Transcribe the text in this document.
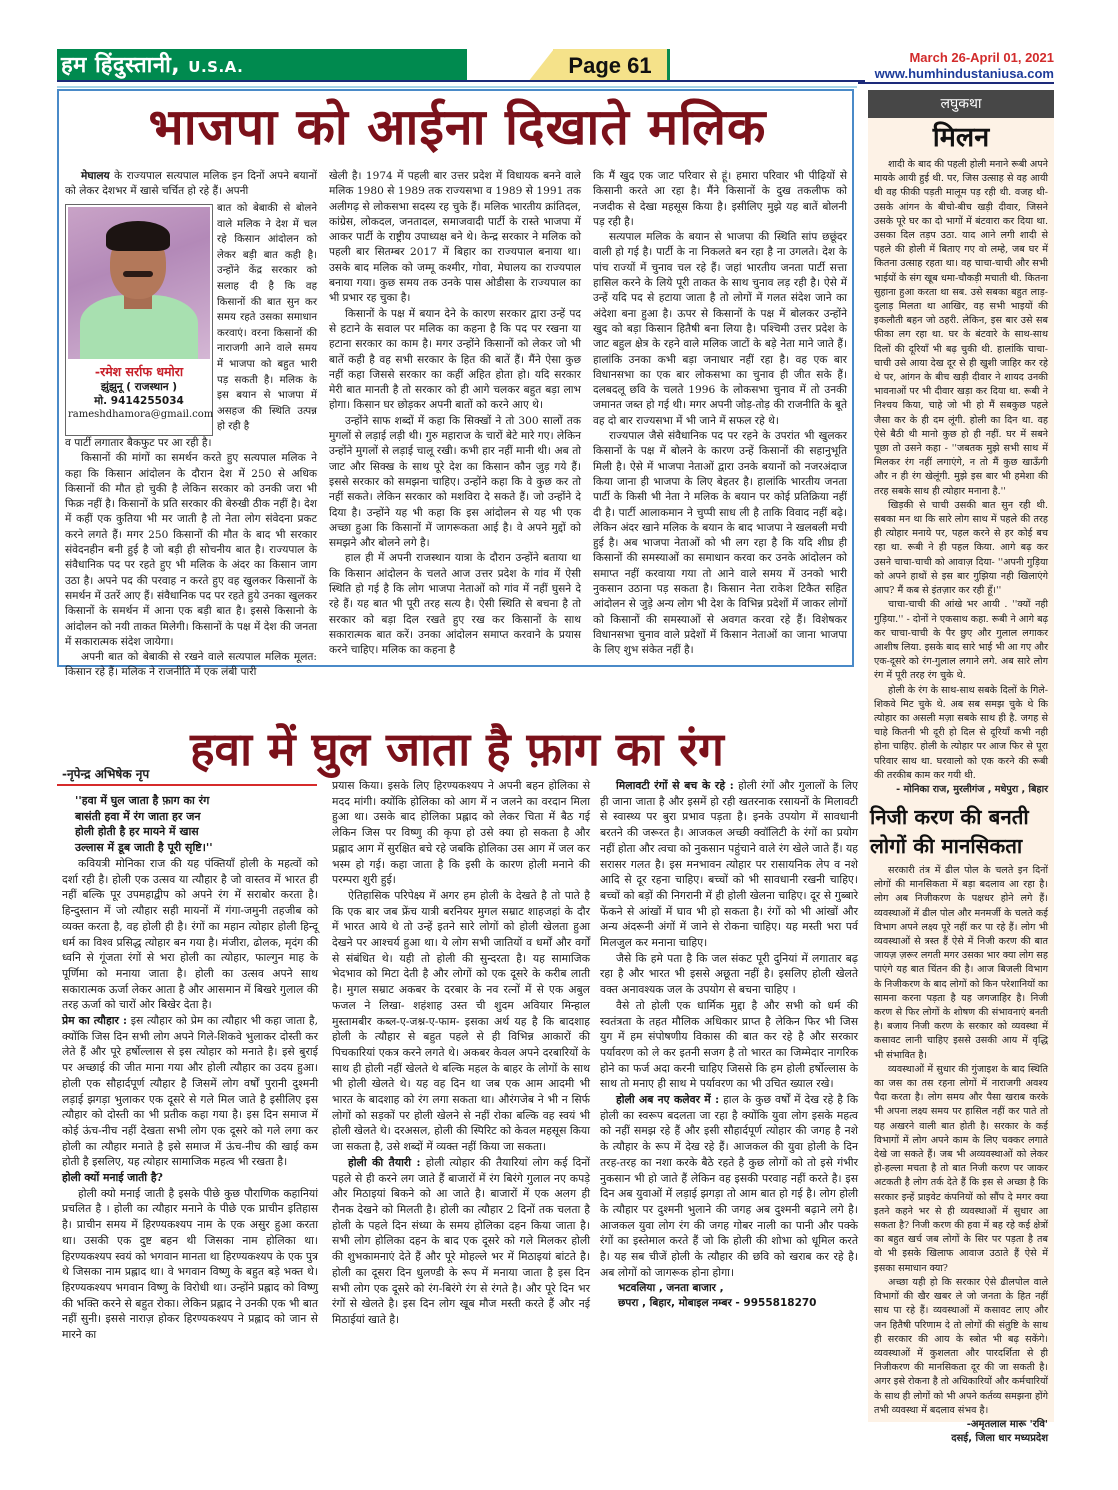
हम हिंदुस्तानी, U.S.A.	Page 61	March 26-April 01, 2021
www.humhindustaniusa.com
भाजपा को आईना दिखाते मलिक

मेघालय के राज्यपाल सत्यपाल मलिक इन दिनों अपने बयानों को लेकर देशभर में खासे चर्चित हो रहे हैं। अपनी

-रमेश सर्राफ धमोरा
झुंझुनू ( राजस्थान )
मो. 9414255034
rameshdhamora@gmail.com

बात को बेबाकी से बोलने वाले मलिक ने देश में चल रहे किसान आंदोलन को लेकर बड़ी बात कही है। उन्होंने केंद्र सरकार को सलाह दी है कि वह किसानों की बात सुन कर समय रहते उसका समाधान करवाएं। वरना किसानों की नाराजगी आने वाले समय में भाजपा को बहुत भारी पड़ सकती है। मलिक के इस बयान से भाजपा में असहज की स्थिति उत्पन्न हो रही है

व पार्टी लगातार बैकफुट पर आ रही है।

किसानों की मांगों का समर्थन करते हुए सत्यपाल मलिक ने कहा कि किसान आंदोलन के दौरान देश में 250 से अधिक किसानों की मौत हो चुकी है लेकिन सरकार को उनकी जरा भी फिक्र नहीं है। किसानों के प्रति सरकार की बेरुखी ठीक नहीं है। देश में कहीं एक कुतिया भी मर जाती है तो नेता लोग संवेदना प्रकट करने लगते हैं। मगर 250 किसानों की मौत के बाद भी सरकार संवेदनहीन बनी हुई है जो बड़ी ही सोचनीय बात है। राज्यपाल के संवैधानिक पद पर रहते हुए भी मलिक के अंदर का किसान जाग उठा है। अपने पद की परवाह न करते हुए वह खुलकर किसानों के समर्थन में उतरें आए हैं। संवैधानिक पद पर रहते हुये उनका खुलकर किसानों के समर्थन में आना एक बड़ी बात है। इससे किसानो के आंदोलन को नयी ताकत मिलेगी। किसानों के पक्ष में देश की जनता में सकारात्मक संदेश जायेगा।

अपनी बात को बेबाकी से रखने वाले सत्यपाल मलिक मूलत: किसान रहे हैं। मलिक ने राजनीति में एक लंबी पारी

खेली है। 1974 में पहली बार उत्तर प्रदेश में विधायक बनने वाले मलिक 1980 से 1989 तक राज्यसभा व 1989 से 1991 तक अलीगढ़ से लोकसभा सदस्य रह चुके हैं। मलिक भारतीय क्रांतिदल, कांग्रेस, लोकदल, जनतादल, समाजवादी पार्टी के रास्ते भाजपा में आकर पार्टी के राष्ट्रीय उपाध्यक्ष बने थे। केन्द्र सरकार ने मलिक को पहली बार सितम्बर 2017 में बिहार का राज्यपाल बनाया था। उसके बाद मलिक को जम्मू कश्मीर, गोवा, मेघालय का राज्यपाल बनाया गया। कुछ समय तक उनके पास ओडीसा के राज्यपाल का भी प्रभार रह चुका है।

किसानों के पक्ष में बयान देने के कारण सरकार द्वारा उन्हें पद से हटाने के सवाल पर मलिक का कहना है कि पद पर रखना या हटाना सरकार का काम है। मगर उन्होंने किसानों को लेकर जो भी बातें कही है वह सभी सरकार के हित की बातें हैं। मैंने ऐसा कुछ नहीं कहा जिससे सरकार का कहीं अहित होता हो। यदि सरकार मेरी बात मानती है तो सरकार को ही आगे चलकर बहुत बड़ा लाभ होगा। किसान घर छोड़कर अपनी बातों को करने आए थे।

उन्होंने साफ शब्दों में कहा कि सिक्खों ने तो 300 सालों तक मुगलों से लड़ाई लड़ी थी। गुरु महाराज के चारों बेटे मारे गए। लेकिन उन्होंने मुगलों से लड़ाई चालू रखी। कभी हार नहीं मानी थी। अब तो जाट और सिक्ख के साथ पूरे देश का किसान कौन जुड़ गये हैं। इससे सरकार को समझना चाहिए। उन्होंने कहा कि वे कुछ कर तो नहीं सकते। लेकिन सरकार को मशविरा दे सकते हैं। जो उन्होंने दे दिया है। उन्होंने यह भी कहा कि इस आंदोलन से यह भी एक अच्छा हुआ कि किसानों में जागरूकता आई है। वे अपने मुद्दों को समझने और बोलने लगे है।

हाल ही में अपनी राजस्थान यात्रा के दौरान उन्होंने बताया था कि किसान आंदोलन के चलते आज उत्तर प्रदेश के गांव में ऐसी स्थिति हो गई है कि लोग भाजपा नेताओं को गांव में नहीं घुसने दे रहे हैं। यह बात भी पूरी तरह सत्य है। ऐसी स्थिति से बचना है तो सरकार को बड़ा दिल रखते हुए रख कर किसानों के साथ सकारात्मक बात करें। उनका आंदोलन समाप्त करवाने के प्रयास करने चाहिए। मलिक का कहना है

कि मैं खुद एक जाट परिवार से हूं। हमारा परिवार भी पीढ़ियों से किसानी करते आ रहा है। मैंने किसानों के दुख तकलीफ को नजदीक से देखा महसूस किया है। इसीलिए मुझे यह बातें बोलनी पड़ रही है।

सत्यपाल मलिक के बयान से भाजपा की स्थिति सांप छछूंदर वाली हो गई है। पार्टी के ना निकलते बन रहा है ना उगलते। देश के पांच राज्यों में चुनाव चल रहे हैं। जहां भारतीय जनता पार्टी सत्ता हासिल करने के लिये पूरी ताकत के साथ चुनाव लड़ रही है। ऐसे में उन्हें यदि पद से हटाया जाता है तो लोगों में गलत संदेश जाने का अंदेशा बना हुआ है। ऊपर से किसानों के पक्ष में बोलकर उन्होंने खुद को बड़ा किसान हितैषी बना लिया है। पश्चिमी उत्तर प्रदेश के जाट बहुल क्षेत्र के रहने वाले मलिक जाटों के बड़े नेता माने जाते हैं। हालांकि उनका कभी बड़ा जनाधार नहीं रहा है। वह एक बार विधानसभा का एक बार लोकसभा का चुनाव ही जीत सके हैं। दलबदलू छवि के चलते 1996 के लोकसभा चुनाव में तो उनकी जमानत जब्त हो गई थी। मगर अपनी जोड़-तोड़ की राजनीति के बूते वह दो बार राज्यसभा में भी जाने में सफल रहे थे।

राज्यपाल जैसे संवैधानिक पद पर रहने के उपरांत भी खुलकर किसानों के पक्ष में बोलने के कारण उन्हें किसानों की सहानुभूति मिली है। ऐसे में भाजपा नेताओं द्वारा उनके बयानों को नजरअंदाज किया जाना ही भाजपा के लिए बेहतर है। हालांकि भारतीय जनता पार्टी के किसी भी नेता ने मलिक के बयान पर कोई प्रतिक्रिया नहीं दी है। पार्टी आलाकमान ने चुप्पी साध ली है ताकि विवाद नहीं बढ़े। लेकिन अंदर खाने मलिक के बयान के बाद भाजपा ने खलबली मची हुई है। अब भाजपा नेताओं को भी लग रहा है कि यदि शीघ्र ही किसानों की समस्याओं का समाधान करवा कर उनके आंदोलन को समाप्त नहीं करवाया गया तो आने वाले समय में उनको भारी नुकसान उठाना पड़ सकता है। किसान नेता राकेश टिकैत सहित आंदोलन से जुड़े अन्य लोग भी देश के विभिन्न प्रदेशों में जाकर लोगों को किसानों की समस्याओं से अवगत करवा रहे हैं। विशेषकर विधानसभा चुनाव वाले प्रदेशों में किसान नेताओं का जाना भाजपा के लिए शुभ संकेत नहीं है।

हवा में घुल जाता है फ़ाग का रंग
-नृपेन्द्र अभिषेक नृप
''हवा में घुल जाता है फ़ाग का रंग
बासंती हवा में रंग जाता हर जन
होली होती है हर मायने में खास
उल्लास में डूब जाती है पूरी सृष्टि।''

कवियत्री मोनिका राज की यह पंक्तियाँ होली के महत्वों को दर्शा रही है। होली एक उत्सव या त्यौहार है जो वास्तव में भारत ही नहीं बल्कि पूर उपमहाद्वीप को अपने रंग में सराबोर करता है। हिन्दुस्तान में जो त्यौहार सही मायनों में गंगा-जमुनी तहजीब को व्यक्त करता है, वह होली ही है। रंगों का महान त्योहार होली हिन्दू धर्म का विश्व प्रसिद्ध त्योहार बन गया है। मंजीरा, ढोलक, मृदंग की ध्वनि से गूंजता रंगों से भरा होली का त्योहार, फाल्गुन माह के पूर्णिमा को मनाया जाता है। होली का उत्सव अपने साथ सकारात्मक ऊर्जा लेकर आता है और आसमान में बिखरे गुलाल की तरह ऊर्जा को चारों ओर बिखेर देता है।

प्रेम का त्यौहार : इस त्यौहार को प्रेम का त्यौहार भी कहा जाता है, क्योंकि जिस दिन सभी लोग अपने गिले-शिकवे भुलाकर दोस्ती कर लेते हैं और पूरे हर्षोल्लास से इस त्योहार को मनाते है। इसे बुराई पर अच्छाई की जीत माना गया और होली त्यौहार का उदय हुआ। होली एक सौहार्दपूर्ण त्यौहार है जिसमें लोग वर्षों पुरानी दुश्मनी लड़ाई झगड़ा भुलाकर एक दूसरे से गले मिल जाते है इसीलिए इस त्यौहार को दोस्ती का भी प्रतीक कहा गया है। इस दिन समाज में कोई ऊंच-नीच नहीं देखता सभी लोग एक दूसरे को गले लगा कर होली का त्यौहार मनाते है इसे समाज में ऊंच-नीच की खाई कम होती है इसलिए, यह त्योहार सामाजिक महत्व भी रखता है।

होली क्यों मनाई जाती है?

होली क्यो मनाई जाती है इसके पीछे कुछ पौराणिक कहानियां प्रचलित है । होली का त्यौहार मनाने के पीछे एक प्राचीन इतिहास है। प्राचीन समय में हिरण्यकश्यप नाम के एक असुर हुआ करता था। उसकी एक दुष्ट बहन थी जिसका नाम होलिका था। हिरण्यकश्यप स्वयं को भगवान मानता था हिरण्यकश्यप के एक पुत्र थे जिसका नाम प्रह्लाद था। वे भगवान विष्णु के बहुत बड़े भक्त थे। हिरण्यकश्यप भगवान विष्णु के विरोधी था। उन्होंने प्रह्लाद को विष्णु की भक्ति करने से बहुत रोका। लेकिन प्रह्लाद ने उनकी एक भी बात नहीं सुनी। इससे नाराज़ होकर हिरण्यकश्यप ने प्रह्लाद को जान से मारने का

प्रयास किया। इसके लिए हिरण्यकश्यप ने अपनी बहन होलिका से मदद मांगी। क्योंकि होलिका को आग में न जलने का वरदान मिला हुआ था। उसके बाद होलिका प्रह्लाद को लेकर चिता में बैठ गई लेकिन जिस पर विष्णु की कृपा हो उसे क्या हो सकता है और प्रह्लाद आग में सुरक्षित बचे रहे जबकि होलिका उस आग में जल कर भस्म हो गई। कहा जाता है कि इसी के कारण होली मनाने की परम्परा शुरी हुई।

ऐतिहासिक परिपेक्ष्य में अगर हम होली के देखते है तो पाते है कि एक बार जब फ्रेंच यात्री बरनियर मुगल सम्राट शाहजहां के दौर में भारत आये थे तो उन्हें इतने सारे लोगों को होली खेलता हुआ देखने पर आश्चर्य हुआ था। ये लोग सभी जातियों व धर्मों और वर्गों से संबंधित थे। यही तो होली की सुन्दरता है। यह सामाजिक भेदभाव को मिटा देती है और लोगों को एक दूसरे के करीब लाती है। मुगल सम्राट अकबर के दरबार के नव रत्नों में से एक अबुल फजल ने लिखा- शहंशाह उस्त ची शुदम अवियार मिन्हाल मुस्तामबीर कब्ल-ए-जश्न-ए-फाम- इसका अर्थ यह है कि बादशाह होली के त्यौहार से बहुत पहले से ही विभिन्न आकारों की पिचकारियां एकत्र करने लगते थे। अकबर केवल अपने दरबारियों के साथ ही होली नहीं खेलते थे बल्कि महल के बाहर के लोगों के साथ भी होली खेलते थे। यह वह दिन था जब एक आम आदमी भी भारत के बादशाह को रंग लगा सकता था। औरंगजेब ने भी न सिर्फ लोगों को सड़कों पर होली खेलने से नहीं रोका बल्कि वह स्वयं भी होली खेलते थे। दरअसल, होली की स्पिरिट को केवल महसूस किया जा सकता है, उसे शब्दों में व्यक्त नहीं किया जा सकता।

होली की तैयारी : होली त्योहार की तैयारियां लोग कई दिनों पहले से ही करने लग जाते हैं बाजारों में रंग बिरंगे गुलाल नए कपड़े और मिठाइयां बिकने को आ जाते है। बाजारों में एक अलग ही रौनक देखने को मिलती है। होली का त्यौहार 2 दिनों तक चलता है होली के पहले दिन संध्या के समय होलिका दहन किया जाता है। सभी लोग होलिका दहन के बाद एक दूसरे को गले मिलकर होली की शुभकामनाएं देते हैं और पूरे मोहल्ले भर में मिठाइयां बांटते है। होली का दूसरा दिन धुलण्डी के रूप में मनाया जाता है इस दिन सभी लोग एक दूसरे को रंग-बिरंगे रंग से रंगते है। और पूरे दिन भर रंगों से खेलते है। इस दिन लोग खूब मौज मस्ती करते हैं और नई मिठाईयां खाते है।

मिलावटी रंगों से बच के रहे : होली रंगों और गुलालों के लिए ही जाना जाता है और इसमें हो रही खतरनाक रसायनों के मिलावटी से स्वास्थ्य पर बुरा प्रभाव पड़ता है। इनके उपयोग में सावधानी बरतने की जरूरत है। आजकल अच्छी क्वॉलिटी के रंगों का प्रयोग नहीं होता और त्वचा को नुकसान पहुंचाने वाले रंग खेले जाते हैं। यह सरासर गलत है। इस मनभावन त्योहार पर रासायनिक लेप व नशे आदि से दूर रहना चाहिए। बच्चों को भी सावधानी रखनी चाहिए। बच्चों को बड़ों की निगरानी में ही होली खेलना चाहिए। दूर से गुब्बारे फेंकने से आंखों में घाव भी हो सकता है। रंगों को भी आंखों और अन्य अंदरूनी अंगों में जाने से रोकना चाहिए। यह मस्ती भरा पर्व मिलजुल कर मनाना चाहिए।

जैसे कि हमे पता है कि जल संकट पूरी दुनियां में लगातार बढ़ रहा है और भारत भी इससे अछूता नहीं है। इसलिए होली खेलते वक्त अनावश्यक जल के उपयोग से बचना चाहिए ।

वैसे तो होली एक धार्मिक मुद्दा है और सभी को धर्म की स्वतंत्रता के तहत मौलिक अधिकार प्राप्त है लेकिन फिर भी जिस युग में हम संपोषणीय विकास की बात कर रहे है और सरकार पर्यावरण को ले कर इतनी सजग है तो भारत का जिम्मेदार नागरिक होने का फर्ज अदा करनी चाहिए जिससे कि हम होली हर्षोल्लास के साथ तो मनाए ही साथ मे पर्यावरण का भी उचित ख्याल रखे।

होली अब नए कलेवर में : हाल के कुछ वर्षों में देख रहे है कि होली का स्वरूप बदलता जा रहा है क्योंकि युवा लोग इसके महत्व को नहीं समझ रहे हैं और इसी सौहार्दपूर्ण त्योहार की जगह है नशे के त्यौहार के रूप में देख रहे हैं। आजकल की युवा होली के दिन तरह-तरह का नशा करके बैठे रहते है कुछ लोगों को तो इसे गंभीर नुकसान भी हो जाते हैं लेकिन वह इसकी परवाह नहीं करते है। इस दिन अब युवाओं में लड़ाई झगड़ा तो आम बात हो गई है। लोग होली के त्यौहार पर दुश्मनी भुलाने की जगह अब दुश्मनी बढ़ाने लगे है। आजकल युवा लोग रंग की जगह गोबर नाली का पानी और पक्के रंगों का इस्तेमाल करते हैं जो कि होली की शोभा को धूमिल करते है। यह सब चीजें होली के त्यौहार की छवि को खराब कर रहे है। अब लोगों को जागरूक होना होगा।

भटवलिया , जनता बाजार ,
छपरा , बिहार, मोबाइल नम्बर - 9955818270
लघुकथा
मिलन

शादी के बाद की पहली होली मनाने रूबी अपने मायके आयी हुई थी. पर, जिस उत्साह से वह आयी थी वह फीकी पड़ती मालूम पड़ रही थी. वजह थी- उसके आंगन के बीचो-बीच खड़ी दीवार, जिसने उसके पूरे घर का दो भागों में बंटवारा कर दिया था. उसका दिल तड़प उठा. याद आने लगी शादी से पहले की होली में बिताए गए वो लम्हे, जब घर में कितना उत्साह रहता था। वह चाचा-चाची और सभी भाईयों के संग खूब धमा-चौकड़ी मचाती थी. कितना सुहाना हुआ करता था सब. उसे सबका बहुत लाड़-दुलाड़ मिलता था आखिर, वह सभी भाइयों की इकलौती बहन जो ठहरी. लेकिन, इस बार उसे सब फीका लग रहा था. घर के बंटवारे के साथ-साथ दिलों की दूरियाँ भी बढ़ चुकी थी. हालांकि चाचा-चाची उसे आया देख दूर से ही खुशी जाहिर कर रहे थे पर, आंगन के बीच खड़ी दीवार ने शायद उनकी भावनाओं पर भी दीवार खड़ा कर दिया था. रूबी ने निश्चय किया, चाहे जो भी हो मैं सबकुछ पहले जैसा कर के ही दम लूंगी. होली का दिन था. वह ऐसे बैठी थी मानो कुछ हो ही नहीं. घर में सबने पूछा तो उसने कहा - ''जबतक मुझे सभी साथ में मिलकर रंग नहीं लगाएंगे, न तो मैं कुछ खाऊँगी और न ही रंग खेलूंगी. मुझे इस बार भी हमेशा की तरह सबके साथ ही त्योहार मनाना है.''

खिड़की से चाची उसकी बात सुन रही थी. सबका मन था कि सारे लोग साथ में पहले की तरह ही त्योहार मनाये पर, पहल करने से हर कोई बच रहा था. रूबी ने ही पहल किया. आगे बढ़ कर उसने चाचा-चाची को आवाज़ दिया- ''अपनी गुड़िया को अपने हाथों से इस बार गुझिया नही खिलाएंगे आप? मैं कब से इंतज़ार कर रही हूँ।''

चाचा-चाची की आंखे भर आयी . ''क्यों नही गुड़िया.'' - दोनों ने एकसाथ कहा. रूबी ने आगे बढ़ कर चाचा-चाची के पैर छुए और गुलाल लगाकर आशीष लिया. इसके बाद सारे भाई भी आ गए और एक-दूसरे को रंग-गुलाल लगाने लगे. अब सारे लोग रंग में पूरी तरह रंग चुके थे.

होली के रंग के साथ-साथ सबके दिलों के गिले-शिकवे मिट चुके थे. अब सब समझ चुके थे कि त्योहार का असली मज़ा सबके साथ ही है. जगह से चाहे कितनी भी दूरी हो दिल से दूरियाँ कभी नही होना चाहिए. होली के त्योहार पर आज फिर से पूरा परिवार साथ था. घरवालो को एक करने की रूबी की तरकीब काम कर गयी थी.

- मोनिका राज, मुरलीगंज , मधेपुरा , बिहार
निजी करण की बनती लोगों की मानसिकता

सरकारी तंत्र में ढील पोल के चलते इन दिनों लोगों की मानसिकता में बड़ा बदलाव आ रहा है। लोग अब निजीकरण के पक्षधर होने लगे हैं। व्यवस्थाओं में ढील पोल और मनमर्जी के चलते कई विभाग अपने लक्ष्य पूरे नहीं कर पा रहे हैं। लोग भी व्यवस्थाओं से त्रस्त हैं ऐसे में निजी करण की बात जायज़ ज़रूर लगती मगर उसका भार क्या लोग सह पाएंगे यह बात चिंतन की है। आज बिजली विभाग के निजीकरण के बाद लोगों को किन परेशानियों का सामना करना पड़ता है यह जगजाहिर है। निजी करण से फिर लोगों के शोषण की संभावनाएं बनती है। बजाय निजी करण के सरकार को व्यवस्था में कसावट लानी चाहिए इससे उसकी आय में वृद्धि भी संभावित है।

व्यवस्थाओं में सुधार की गुंजाइश के बाद स्थिति का जस का तस रहना लोगों में नाराजगी अवश्य पैदा करता है। लोग समय और पैसा खराब करके भी अपना लक्ष्य समय पर हासिल नहीं कर पाते तो यह अखरने वाली बात होती है। सरकार के कई विभागों में लोग अपने काम के लिए चक्कर लगाते देखे जा सकते हैं। जब भी अव्यवस्थाओं को लेकर हो-हल्ला मचता है तो बात निजी करण पर जाकर अटकती है लोग तर्क देते हैं कि इस से अच्छा है कि सरकार इन्हें प्राइवेट कंपनियों को सौंप दे मगर क्या इतने कहने भर से ही व्यवस्थाओं में सुधार आ सकता है? निजी करण की हवा में बह रहे कई क्षेत्रों का बहुत खर्च जब लोगों के सिर पर पड़ता है तब वो भी इसके खिलाफ आवाज उठाते हैं ऐसे में इसका समाधान क्या?

अच्छा यही हो कि सरकार ऐसे ढीलपोल वाले विभागों की खैर खबर ले जो जनता के हित नहीं साध पा रहे हैं। व्यवस्थाओं में कसावट लाए और जन हितैषी परिणाम दे तो लोगों की संतुष्टि के साथ ही सरकार की आय के स्त्रोत भी बढ़ सकेंगे। व्यवस्थाओं में कुशलता और पारदर्शिता से ही निजीकरण की मानसिकता दूर की जा सकती है। अगर इसे रोकना है तो अधिकारियों और कर्मचारियों के साथ ही लोगों को भी अपने कर्तव्य समझना होंगे तभी व्यवस्था में बदलाव संभव है।

-अमृतलाल मारू 'रवि'
दसई, जिला धार मध्यप्रदेश
